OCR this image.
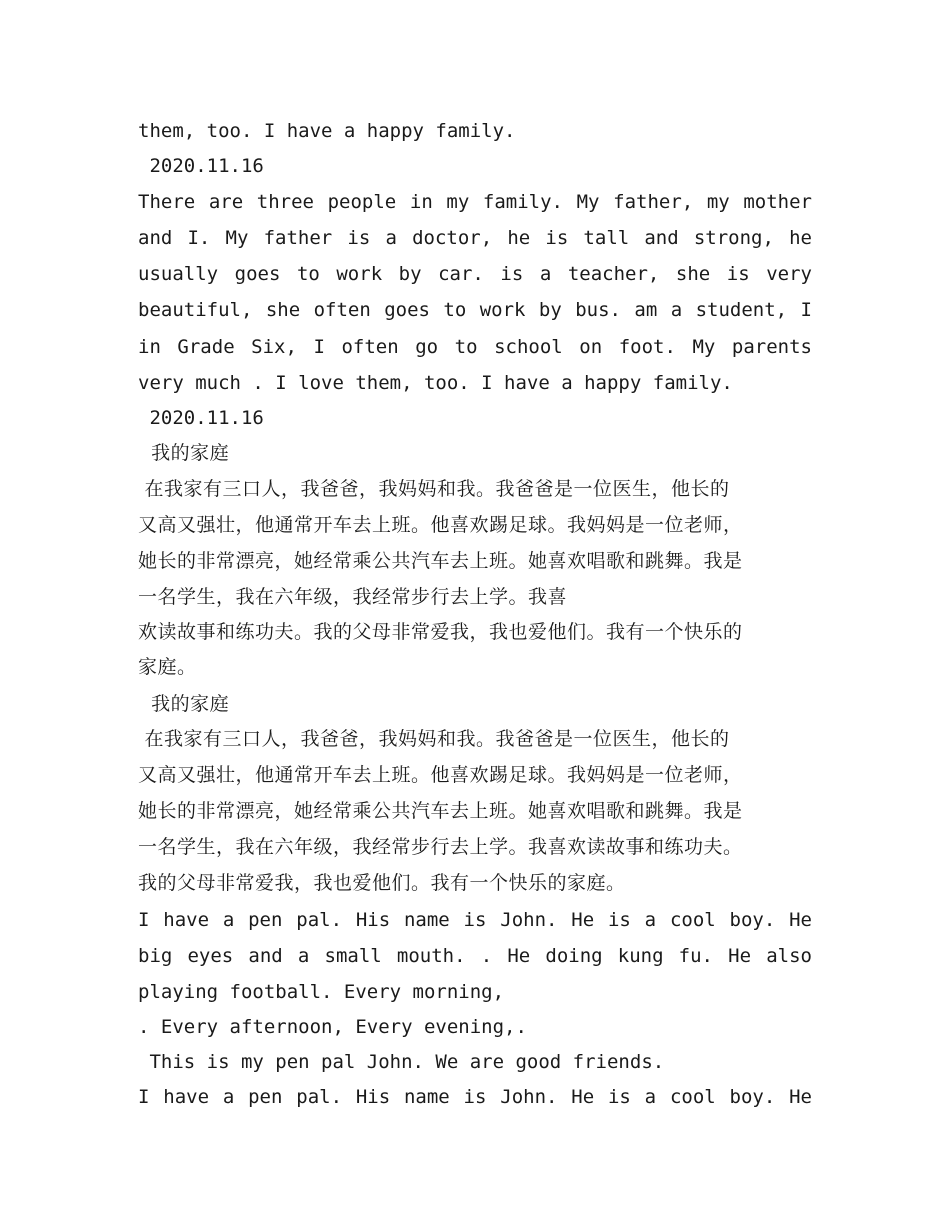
them, too. I have a happy family.
2020.11.16
There are three people in my family. My father, my mother
and I. My father is a doctor, he is tall and strong, he
usually goes to work by car. is a teacher, she is very
beautiful, she often goes to work by bus. am a student, I
in Grade Six, I often go to school on foot. My parents
very much . I love them, too. I have a happy family.
2020.11.16
我的家庭
在我家有三口人，我爸爸，我妈妈和我。我爸爸是一位医生，他长的
又高又强壮，他通常开车去上班。他喜欢踢足球。我妈妈是一位老师，
她长的非常漂亮，她经常乘公共汽车去上班。她喜欢唱歌和跳舞。我是
一名学生，我在六年级，我经常步行去上学。我喜
欢读故事和练功夫。我的父母非常爱我，我也爱他们。我有一个快乐的
家庭。
我的家庭
在我家有三口人，我爸爸，我妈妈和我。我爸爸是一位医生，他长的
又高又强壮，他通常开车去上班。他喜欢踢足球。我妈妈是一位老师，
她长的非常漂亮，她经常乘公共汽车去上班。她喜欢唱歌和跳舞。我是
一名学生，我在六年级，我经常步行去上学。我喜欢读故事和练功夫。
我的父母非常爱我，我也爱他们。我有一个快乐的家庭。
I have a pen pal. His name is John. He is a cool boy. He
big eyes and a small mouth. . He doing kung fu. He also
playing football. Every morning,
. Every afternoon, Every evening,.
This is my pen pal John. We are good friends.
I have a pen pal. His name is John. He is a cool boy. He
